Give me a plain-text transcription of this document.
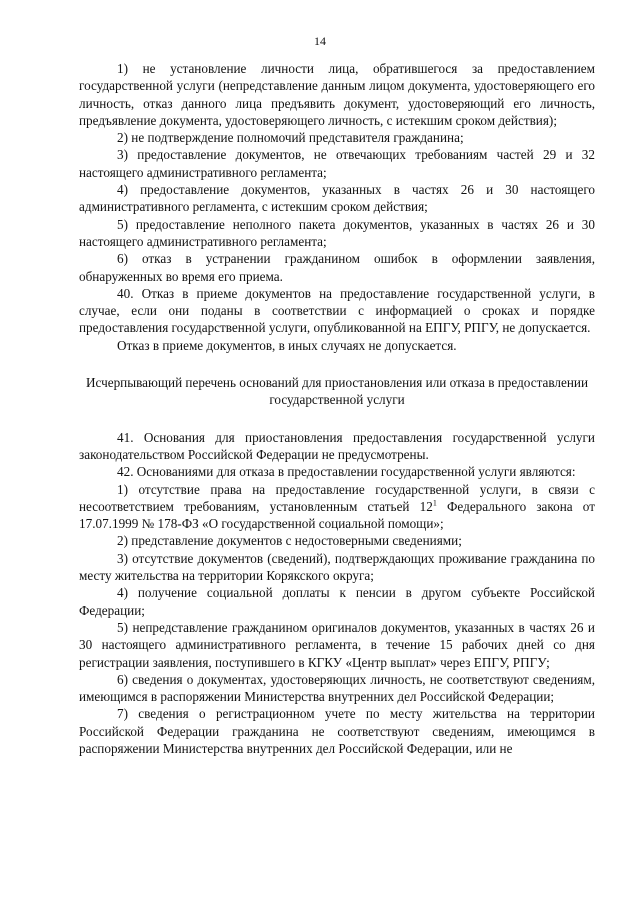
14

1) не установление личности лица, обратившегося за предоставлением государственной услуги (непредставление данным лицом документа, удостоверяющего его личность, отказ данного лица предъявить документ, удостоверяющий его личность, предъявление документа, удостоверяющего личность, с истекшим сроком действия);

2) не подтверждение полномочий представителя гражданина;

3) предоставление документов, не отвечающих требованиям частей 29 и 32 настоящего административного регламента;

4) предоставление документов, указанных в частях 26 и 30 настоящего административного регламента, с истекшим сроком действия;

5) предоставление неполного пакета документов, указанных в частях 26 и 30 настоящего административного регламента;

6) отказ в устранении гражданином ошибок в оформлении заявления, обнаруженных во время его приема.

40. Отказ в приеме документов на предоставление государственной услуги, в случае, если они поданы в соответствии с информацией о сроках и порядке предоставления государственной услуги, опубликованной на ЕПГУ, РПГУ, не допускается.

Отказ в приеме документов, в иных случаях не допускается.

Исчерпывающий перечень оснований для приостановления или отказа в предоставлении государственной услуги

41. Основания для приостановления предоставления государственной услуги законодательством Российской Федерации не предусмотрены.

42. Основаниями для отказа в предоставлении государственной услуги являются:

1) отсутствие права на предоставление государственной услуги, в связи с несоответствием требованиям, установленным статьей $12^1$ Федерального закона от 17.07.1999 № 178-ФЗ «О государственной социальной помощи»;

2) представление документов с недостоверными сведениями;

3) отсутствие документов (сведений), подтверждающих проживание гражданина по месту жительства на территории Корякского округа;

4) получение социальной доплаты к пенсии в другом субъекте Российской Федерации;

5) непредставление гражданином оригиналов документов, указанных в частях 26 и 30 настоящего административного регламента, в течение 15 рабочих дней со дня регистрации заявления, поступившего в КГКУ «Центр выплат» через ЕПГУ, РПГУ;

6) сведения о документах, удостоверяющих личность, не соответствуют сведениям, имеющимся в распоряжении Министерства внутренних дел Российской Федерации;

7) сведения о регистрационном учете по месту жительства на территории Российской Федерации гражданина не соответствуют сведениям, имеющимся в распоряжении Министерства внутренних дел Российской Федерации, или не
